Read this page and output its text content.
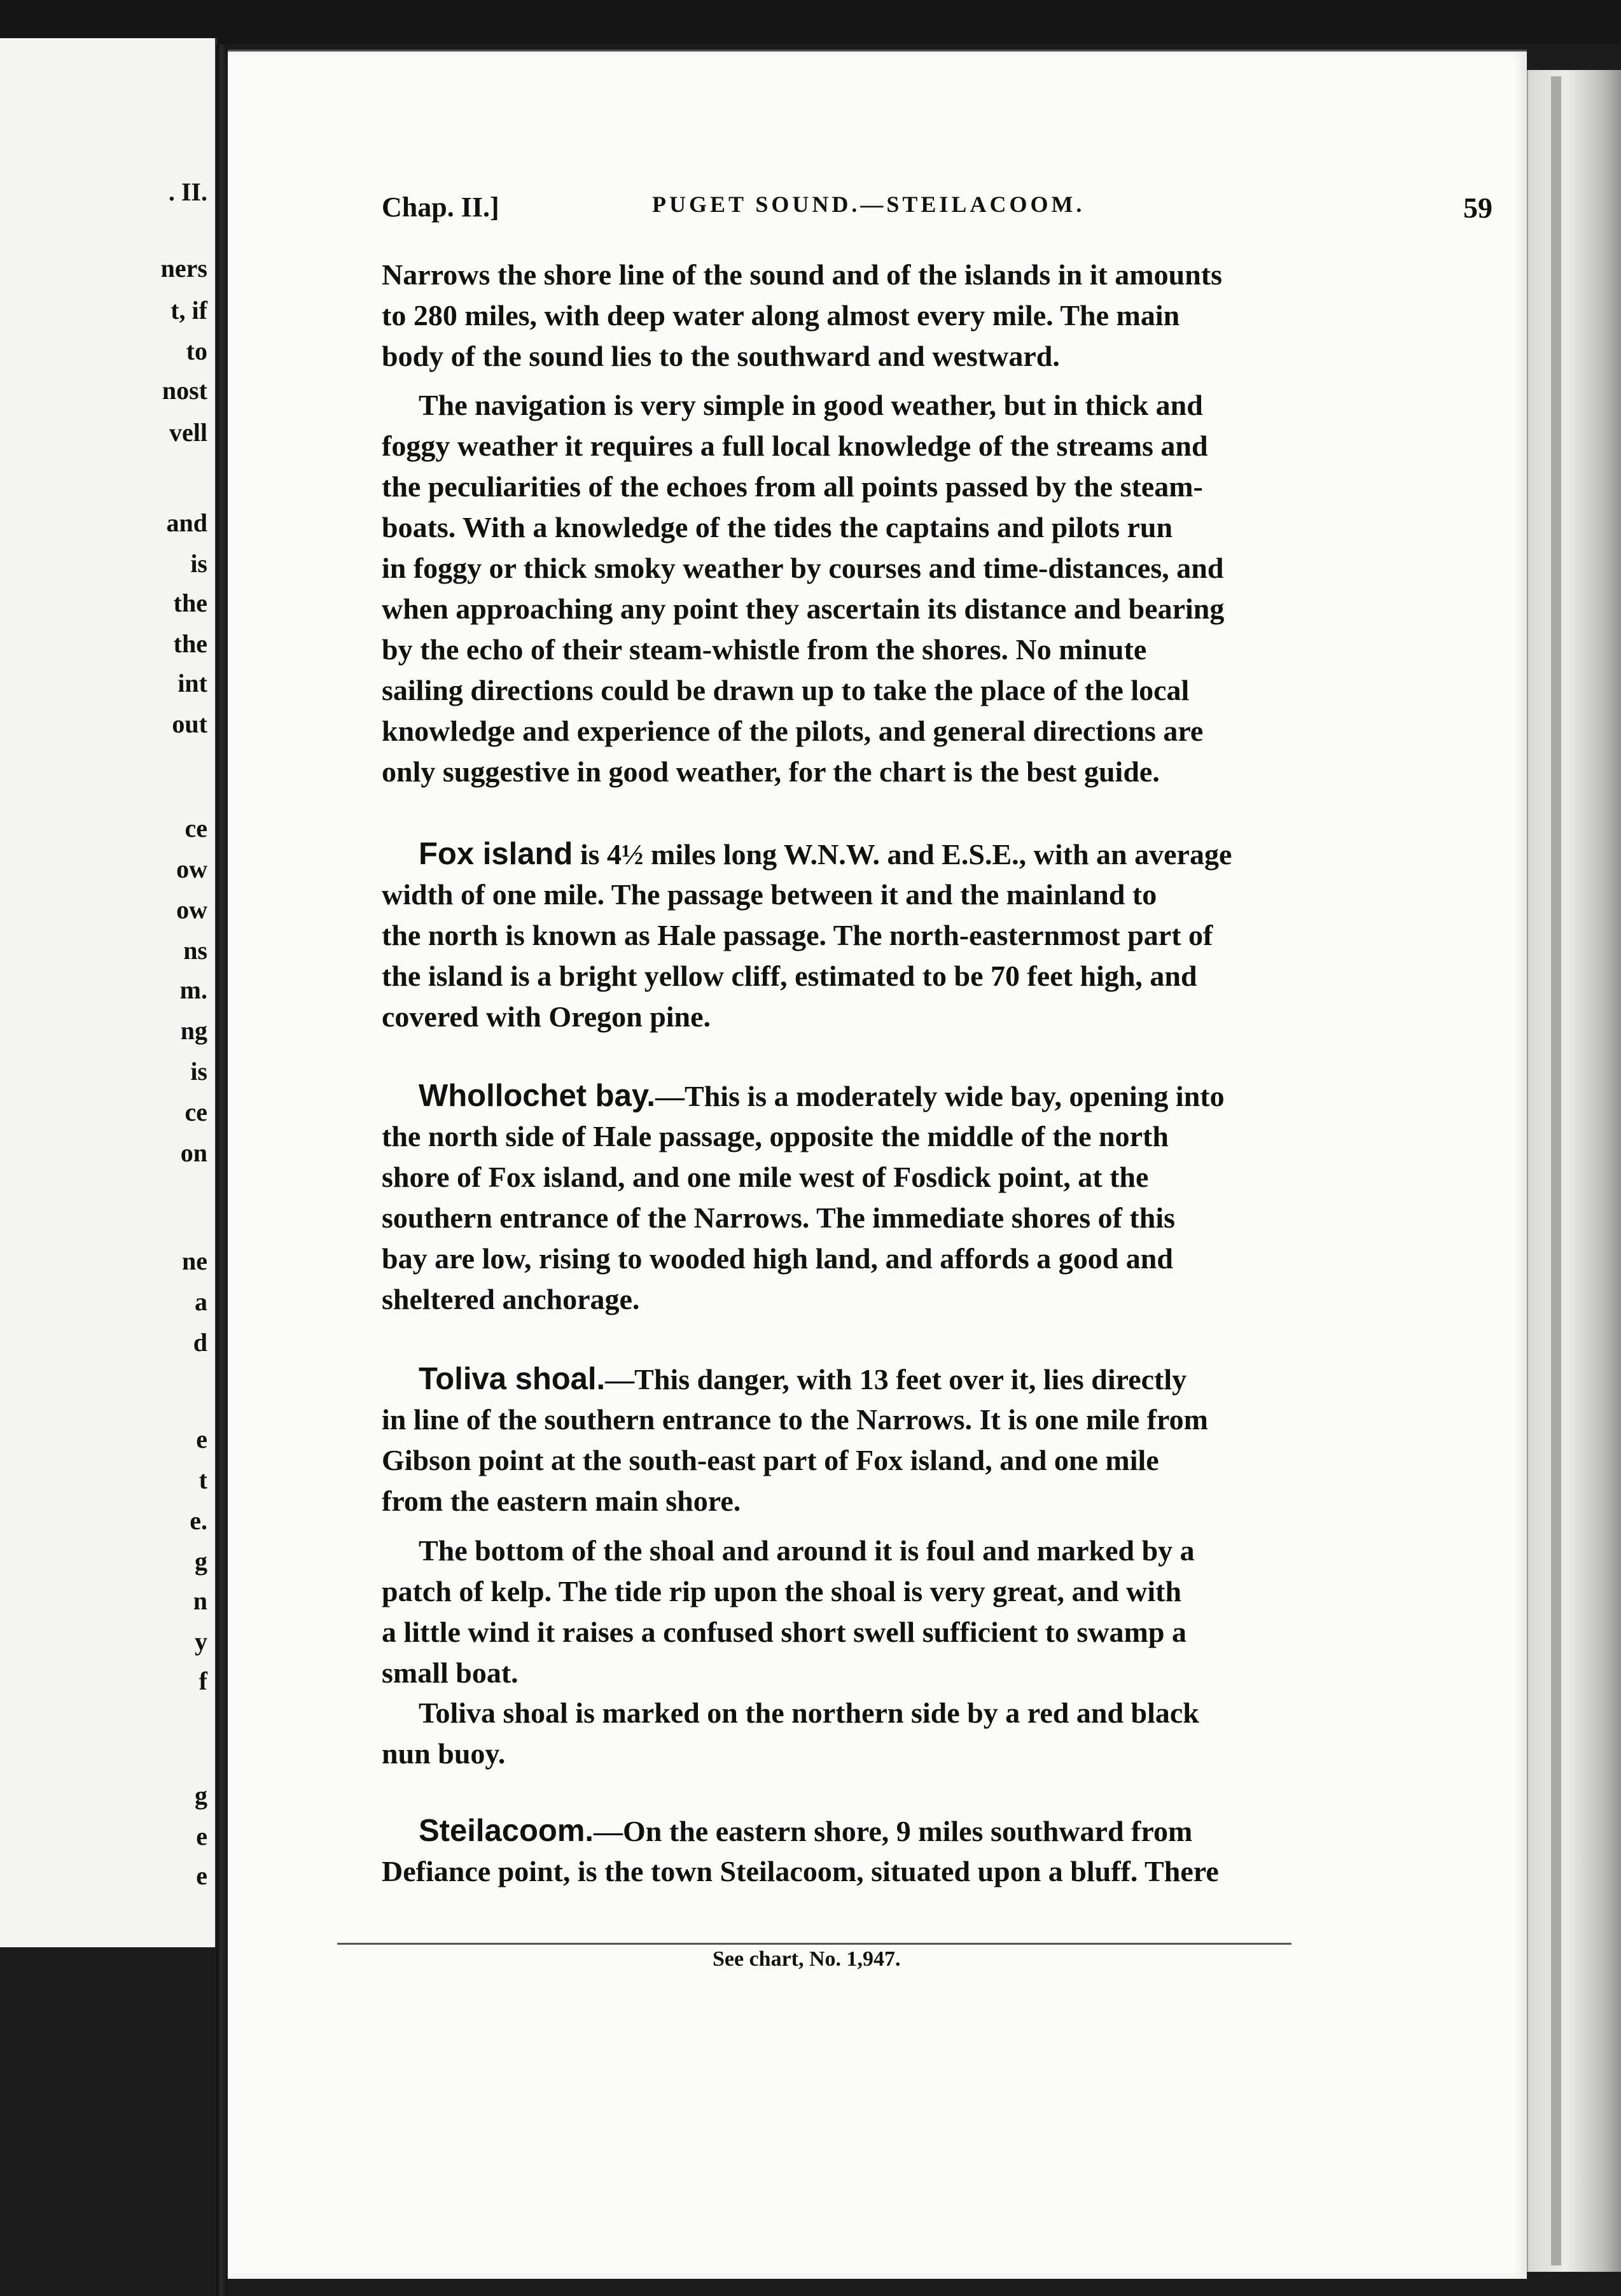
. II.
ners
t, if
to
nost
vell
and
is
the
the
int
out
ce
ow
ow
ns
m.
ng
is
ce
on
ne
a
d
e
t
e.
g
n
y
f
g
e
e
Chap. II.]	PUGET SOUND.—STEILACOOM.	59
Narrows the shore line of the sound and of the islands in it amounts
to 280 miles, with deep water along almost every mile. The main
body of the sound lies to the southward and westward.
The navigation is very simple in good weather, but in thick and
foggy weather it requires a full local knowledge of the streams and
the peculiarities of the echoes from all points passed by the steam-
boats. With a knowledge of the tides the captains and pilots run
in foggy or thick smoky weather by courses and time-distances, and
when approaching any point they ascertain its distance and bearing
by the echo of their steam-whistle from the shores. No minute
sailing directions could be drawn up to take the place of the local
knowledge and experience of the pilots, and general directions are
only suggestive in good weather, for the chart is the best guide.
Fox island is 4½ miles long W.N.W. and E.S.E., with an average
width of one mile. The passage between it and the mainland to
the north is known as Hale passage. The north-easternmost part of
the island is a bright yellow cliff, estimated to be 70 feet high, and
covered with Oregon pine.
Whollochet bay.—This is a moderately wide bay, opening into
the north side of Hale passage, opposite the middle of the north
shore of Fox island, and one mile west of Fosdick point, at the
southern entrance of the Narrows. The immediate shores of this
bay are low, rising to wooded high land, and affords a good and
sheltered anchorage.
Toliva shoal.—This danger, with 13 feet over it, lies directly
in line of the southern entrance to the Narrows. It is one mile from
Gibson point at the south-east part of Fox island, and one mile
from the eastern main shore.
The bottom of the shoal and around it is foul and marked by a
patch of kelp. The tide rip upon the shoal is very great, and with
a little wind it raises a confused short swell sufficient to swamp a
small boat.
Toliva shoal is marked on the northern side by a red and black
nun buoy.
Steilacoom.—On the eastern shore, 9 miles southward from
Defiance point, is the town Steilacoom, situated upon a bluff. There
See chart, No. 1,947.
